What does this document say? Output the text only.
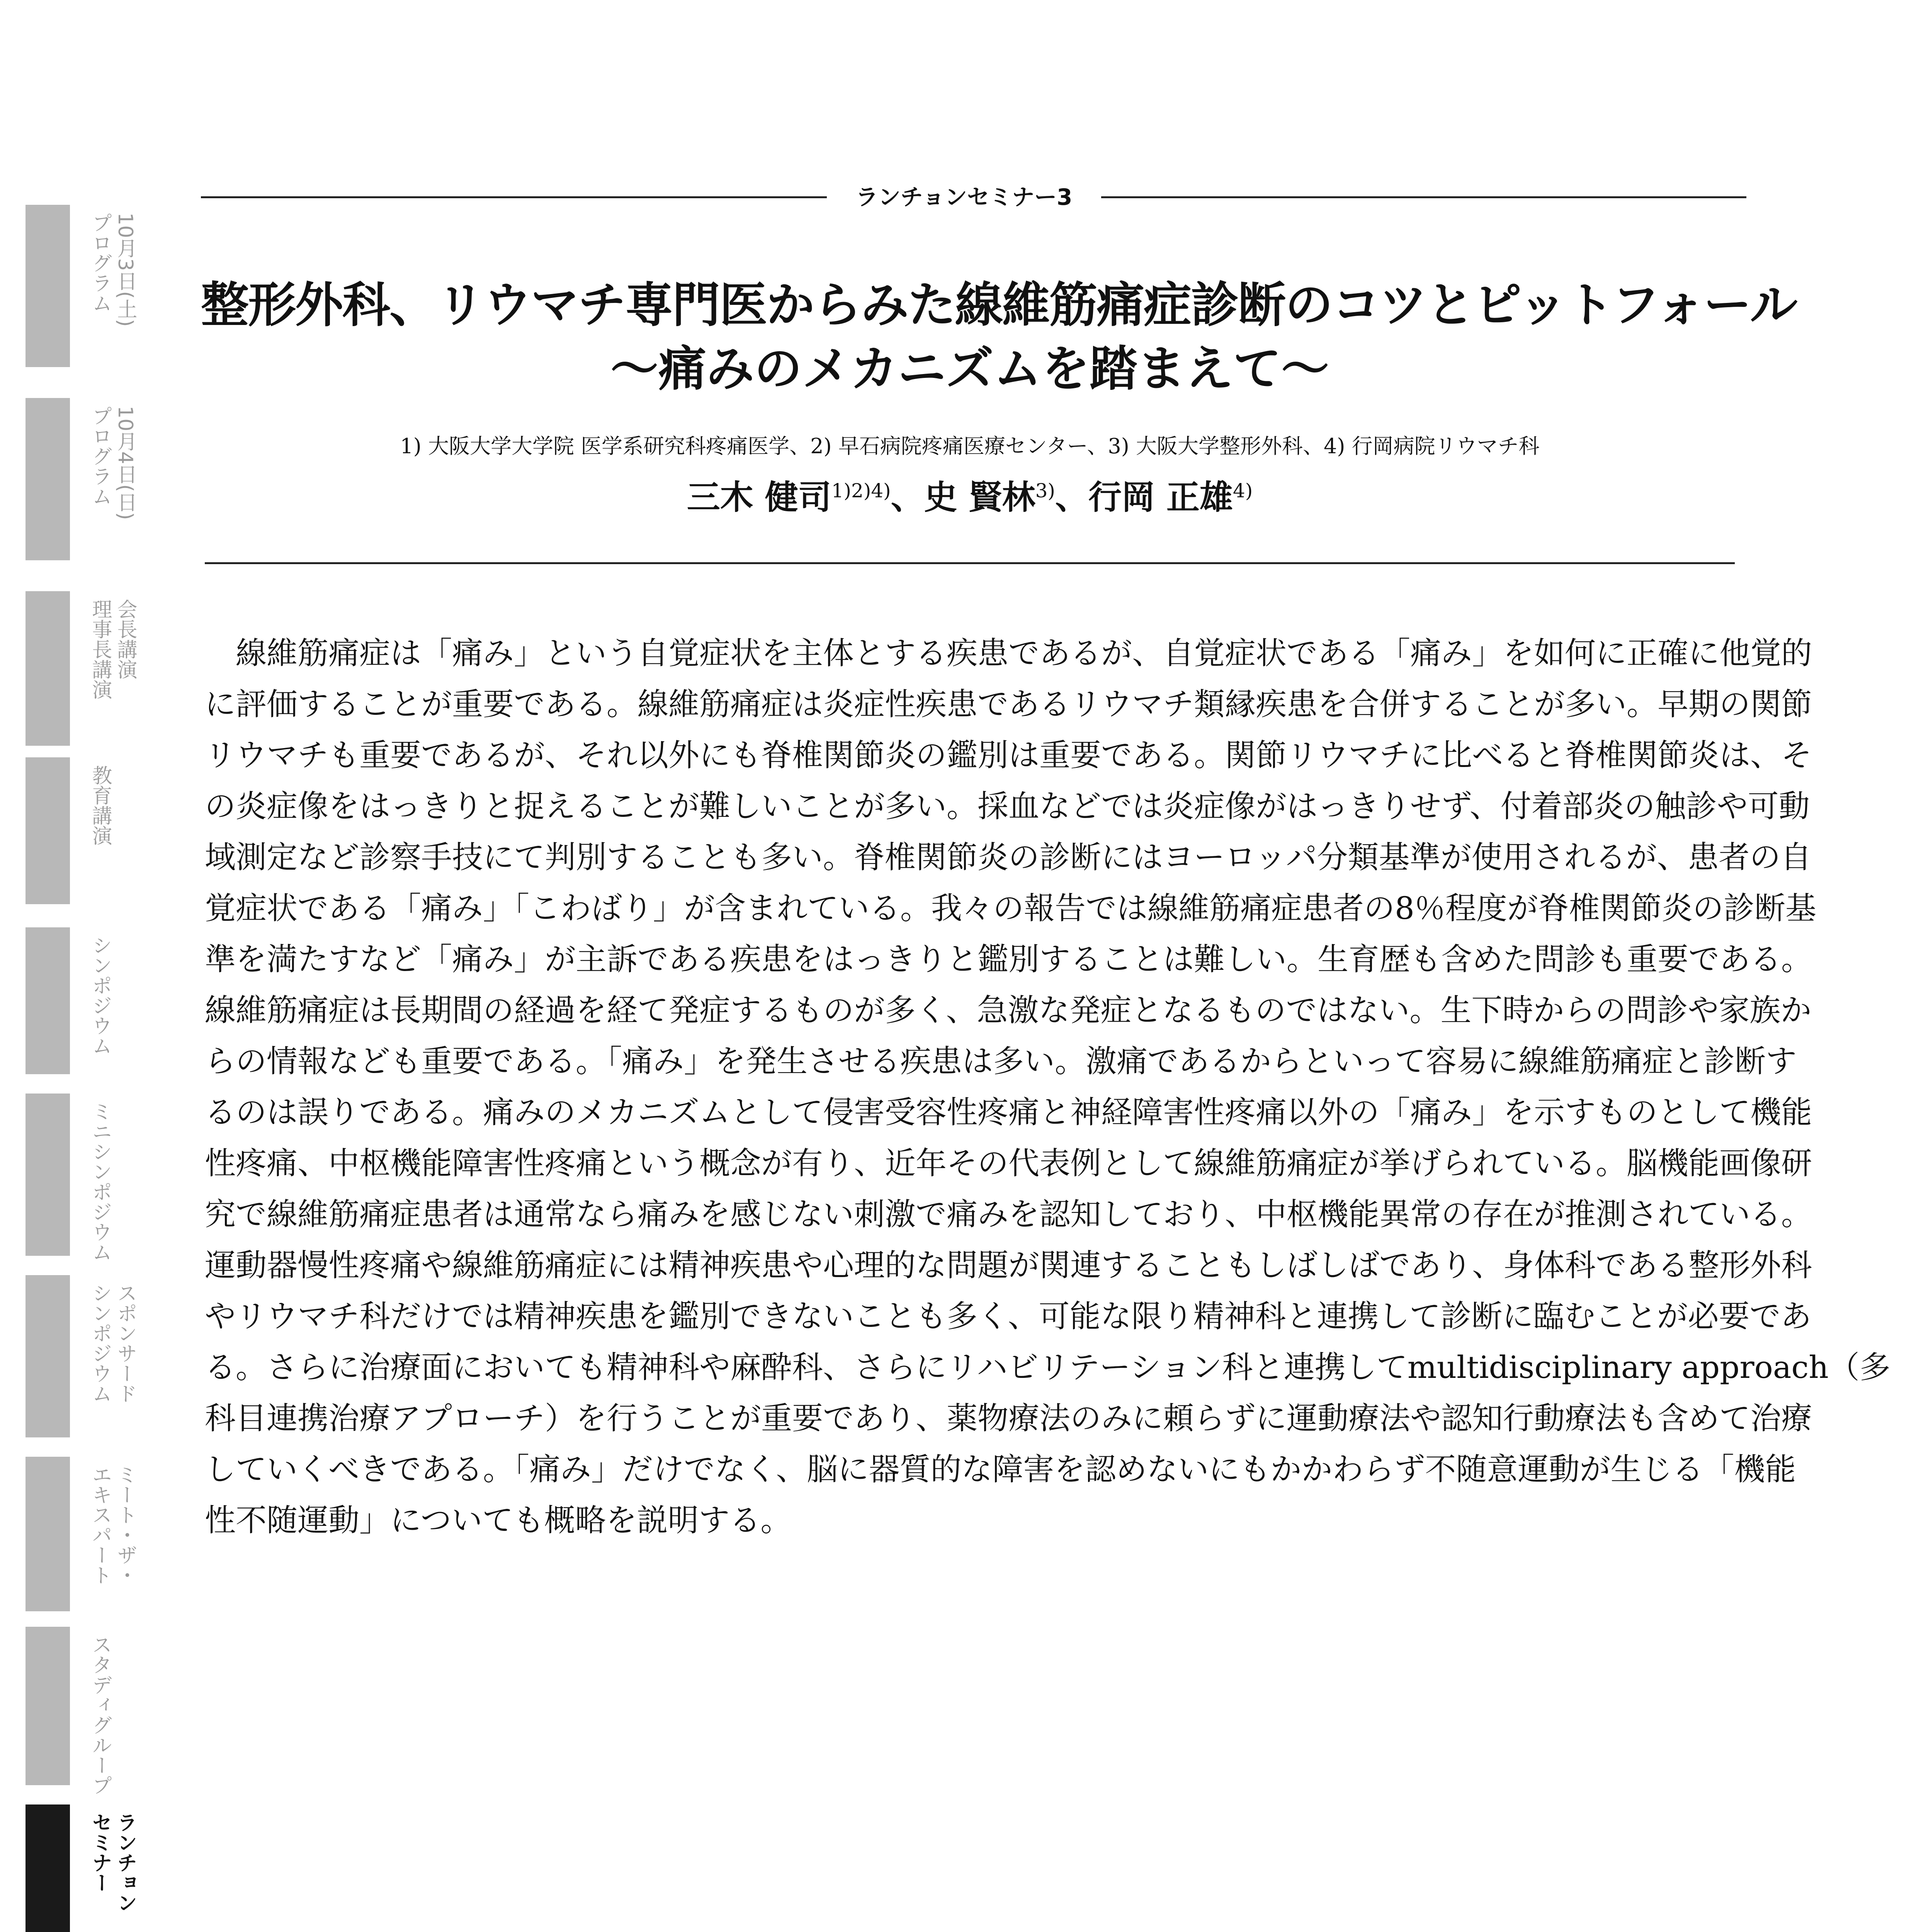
10月3日(土)
プログラム
10月4日(日)
プログラム
会長講演
理事長講演
教育講演
シンポジウム
ミニシンポジウム
スポンサード
シンポジウム
ミート・ザ・
エキスパート
スタディグループ
ランチョン
セミナー
ランチョンセミナー3
整形外科、リウマチ専門医からみた線維筋痛症診断のコツとピットフォール
～痛みのメカニズムを踏まえて～
1) 大阪大学大学院 医学系研究科疼痛医学、2) 早石病院疼痛医療センター、3) 大阪大学整形外科、4) 行岡病院リウマチ科
三木 健司$^{1)2)4)}$、史 賢林$^{3)}$、行岡 正雄$^{4)}$
線維筋痛症は「痛み」という自覚症状を主体とする疾患であるが、自覚症状である「痛み」を如何に正確に他覚的
に評価することが重要である。線維筋痛症は炎症性疾患であるリウマチ類縁疾患を合併することが多い。早期の関節
リウマチも重要であるが、それ以外にも脊椎関節炎の鑑別は重要である。関節リウマチに比べると脊椎関節炎は、そ
の炎症像をはっきりと捉えることが難しいことが多い。採血などでは炎症像がはっきりせず、付着部炎の触診や可動
域測定など診察手技にて判別することも多い。脊椎関節炎の診断にはヨーロッパ分類基準が使用されるが、患者の自
覚症状である「痛み」「こわばり」が含まれている。我々の報告では線維筋痛症患者の8％程度が脊椎関節炎の診断基
準を満たすなど「痛み」が主訴である疾患をはっきりと鑑別することは難しい。生育歴も含めた問診も重要である。
線維筋痛症は長期間の経過を経て発症するものが多く、急激な発症となるものではない。生下時からの問診や家族か
らの情報なども重要である。「痛み」を発生させる疾患は多い。激痛であるからといって容易に線維筋痛症と診断す
るのは誤りである。痛みのメカニズムとして侵害受容性疼痛と神経障害性疼痛以外の「痛み」を示すものとして機能
性疼痛、中枢機能障害性疼痛という概念が有り、近年その代表例として線維筋痛症が挙げられている。脳機能画像研
究で線維筋痛症患者は通常なら痛みを感じない刺激で痛みを認知しており、中枢機能異常の存在が推測されている。
運動器慢性疼痛や線維筋痛症には精神疾患や心理的な問題が関連することもしばしばであり、身体科である整形外科
やリウマチ科だけでは精神疾患を鑑別できないことも多く、可能な限り精神科と連携して診断に臨むことが必要であ
る。さらに治療面においても精神科や麻酔科、さらにリハビリテーション科と連携してmultidisciplinary approach（多
科目連携治療アプローチ）を行うことが重要であり、薬物療法のみに頼らずに運動療法や認知行動療法も含めて治療
していくべきである。「痛み」だけでなく、脳に器質的な障害を認めないにもかかわらず不随意運動が生じる「機能
性不随運動」についても概略を説明する。
